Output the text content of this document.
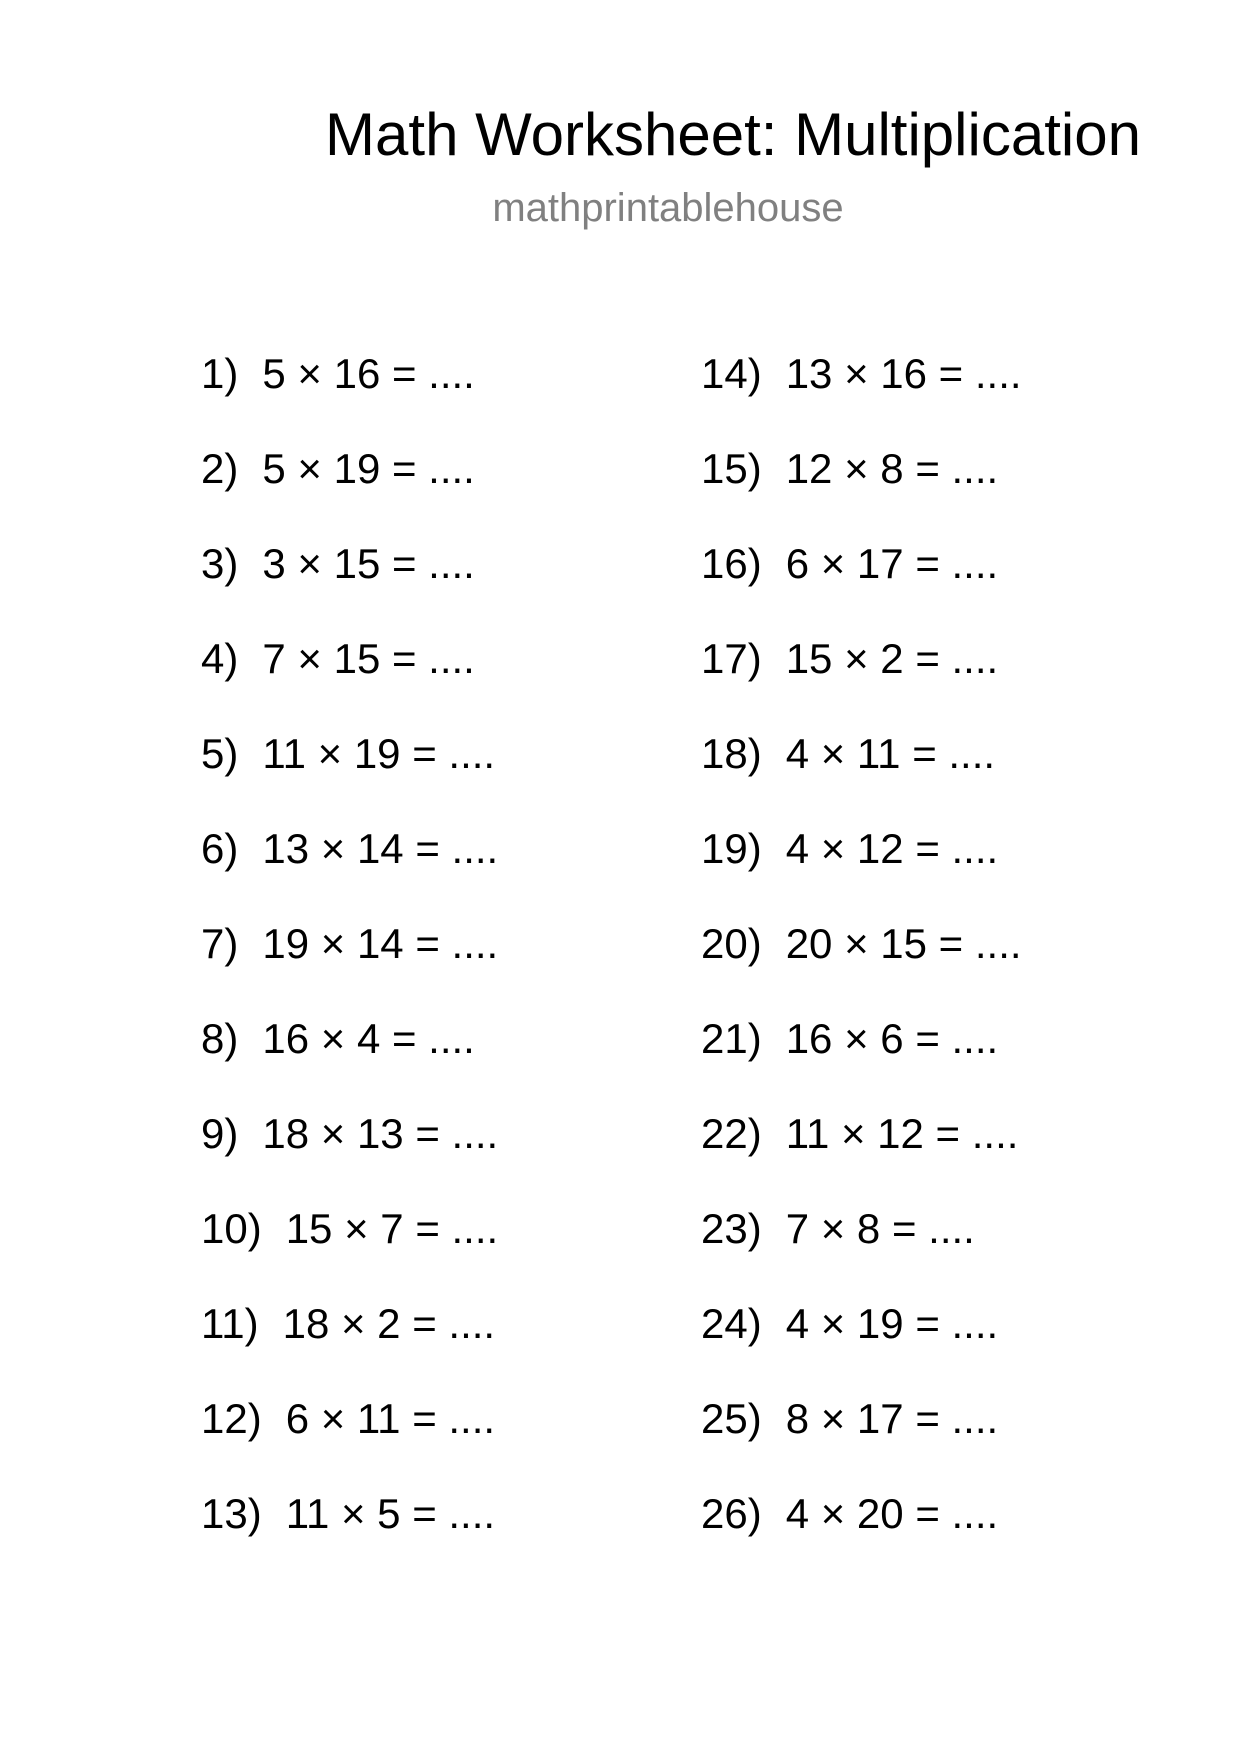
Math Worksheet: Multiplication
mathprintablehouse
1) 5 × 16 = ....
2) 5 × 19 = ....
3) 3 × 15 = ....
4) 7 × 15 = ....
5) 11 × 19 = ....
6) 13 × 14 = ....
7) 19 × 14 = ....
8) 16 × 4 = ....
9) 18 × 13 = ....
10) 15 × 7 = ....
11) 18 × 2 = ....
12) 6 × 11 = ....
13) 11 × 5 = ....
14) 13 × 16 = ....
15) 12 × 8 = ....
16) 6 × 17 = ....
17) 15 × 2 = ....
18) 4 × 11 = ....
19) 4 × 12 = ....
20) 20 × 15 = ....
21) 16 × 6 = ....
22) 11 × 12 = ....
23) 7 × 8 = ....
24) 4 × 19 = ....
25) 8 × 17 = ....
26) 4 × 20 = ....
